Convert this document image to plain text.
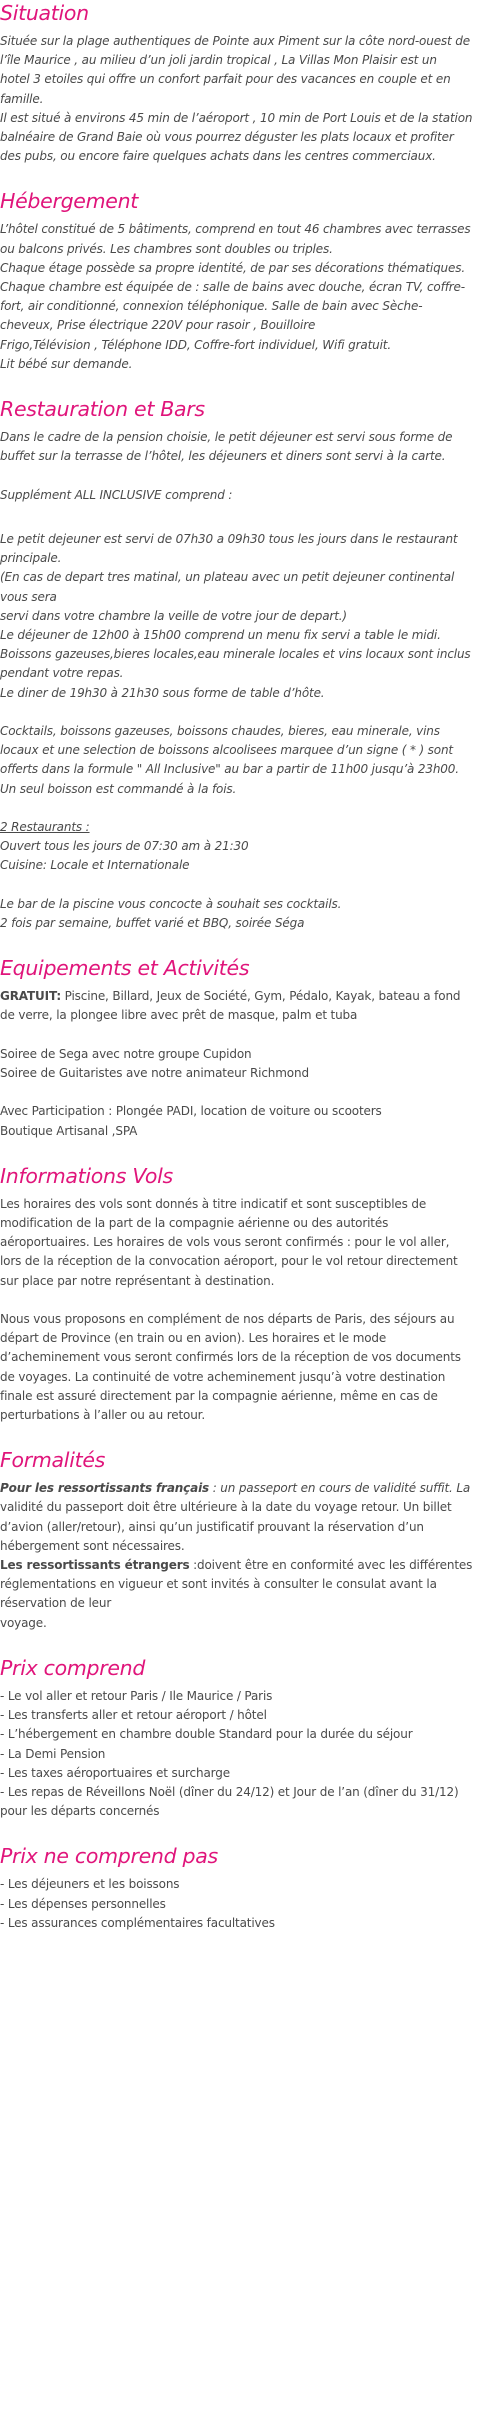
Situation
Située sur la plage authentiques de Pointe aux Piment sur la côte nord-ouest de
l’île Maurice , au milieu d’un joli jardin tropical , La Villas Mon Plaisir est un
hotel 3 etoiles qui offre un confort parfait pour des vacances en couple et en
famille.
Il est situé à environs 45 min de l’aéroport , 10 min de Port Louis et de la station
balnéaire de Grand Baie où vous pourrez déguster les plats locaux et profiter
des pubs, ou encore faire quelques achats dans les centres commerciaux.
Hébergement
L’hôtel constitué de 5 bâtiments, comprend en tout 46 chambres avec terrasses
ou balcons privés. Les chambres sont doubles ou triples.
Chaque étage possède sa propre identité, de par ses décorations thématiques.
Chaque chambre est équipée de : salle de bains avec douche, écran TV, coffre-
fort, air conditionné, connexion téléphonique. Salle de bain avec Sèche-
cheveux, Prise électrique 220V pour rasoir , Bouilloire
Frigo,Télévision , Téléphone IDD, Coffre-fort individuel, Wifi gratuit.
Lit bébé sur demande.
Restauration et Bars
Dans le cadre de la pension choisie, le petit déjeuner est servi sous forme de
buffet sur la terrasse de l’hôtel, les déjeuners et diners sont servi à la carte.
Supplément ALL INCLUSIVE comprend :
Le petit dejeuner est servi de 07h30 a 09h30 tous les jours dans le restaurant
principale.
(En cas de depart tres matinal, un plateau avec un petit dejeuner continental
vous sera
servi dans votre chambre la veille de votre jour de depart.)
Le déjeuner de 12h00 à 15h00 comprend un menu fix servi a table le midi.
Boissons gazeuses,bieres locales,eau minerale locales et vins locaux sont inclus
pendant votre repas.
Le diner de 19h30 à 21h30 sous forme de table d’hôte.
Cocktails, boissons gazeuses, boissons chaudes, bieres, eau minerale, vins
locaux et une selection de boissons alcoolisees marquee d’un signe ( * ) sont
offerts dans la formule " All Inclusive" au bar a partir de 11h00 jusqu’à 23h00.
Un seul boisson est commandé à la fois.
2 Restaurants :
Ouvert tous les jours de 07:30 am à 21:30
Cuisine: Locale et Internationale
Le bar de la piscine vous concocte à souhait ses cocktails.
2 fois par semaine, buffet varié et BBQ, soirée Séga
Equipements et Activités
GRATUIT: Piscine, Billard, Jeux de Société, Gym, Pédalo, Kayak, bateau a fond
de verre, la plongee libre avec prêt de masque, palm et tuba
Soiree de Sega avec notre groupe Cupidon
Soiree de Guitaristes ave notre animateur Richmond
Avec Participation : Plongée PADI, location de voiture ou scooters
Boutique Artisanal ,SPA
Informations Vols
Les horaires des vols sont donnés à titre indicatif et sont susceptibles de
modification de la part de la compagnie aérienne ou des autorités
aéroportuaires. Les horaires de vols vous seront confirmés : pour le vol aller,
lors de la réception de la convocation aéroport, pour le vol retour directement
sur place par notre représentant à destination.
Nous vous proposons en complément de nos départs de Paris, des séjours au
départ de Province (en train ou en avion). Les horaires et le mode
d’acheminement vous seront confirmés lors de la réception de vos documents
de voyages. La continuité de votre acheminement jusqu’à votre destination
finale est assuré directement par la compagnie aérienne, même en cas de
perturbations à l’aller ou au retour.
Formalités
Pour les ressortissants français : un passeport en cours de validité suffit. La
validité du passeport doit être ultérieure à la date du voyage retour. Un billet
d’avion (aller/retour), ainsi qu’un justificatif prouvant la réservation d’un
hébergement sont nécessaires.
Les ressortissants étrangers :doivent être en conformité avec les différentes
réglementations en vigueur et sont invités à consulter le consulat avant la
réservation de leur
voyage.
Prix comprend
- Le vol aller et retour Paris / Ile Maurice / Paris
- Les transferts aller et retour aéroport / hôtel
- L’hébergement en chambre double Standard pour la durée du séjour
- La Demi Pension
- Les taxes aéroportuaires et surcharge
- Les repas de Réveillons Noël (dîner du 24/12) et Jour de l’an (dîner du 31/12)
pour les départs concernés
Prix ne comprend pas
- Les déjeuners et les boissons
- Les dépenses personnelles
- Les assurances complémentaires facultatives
